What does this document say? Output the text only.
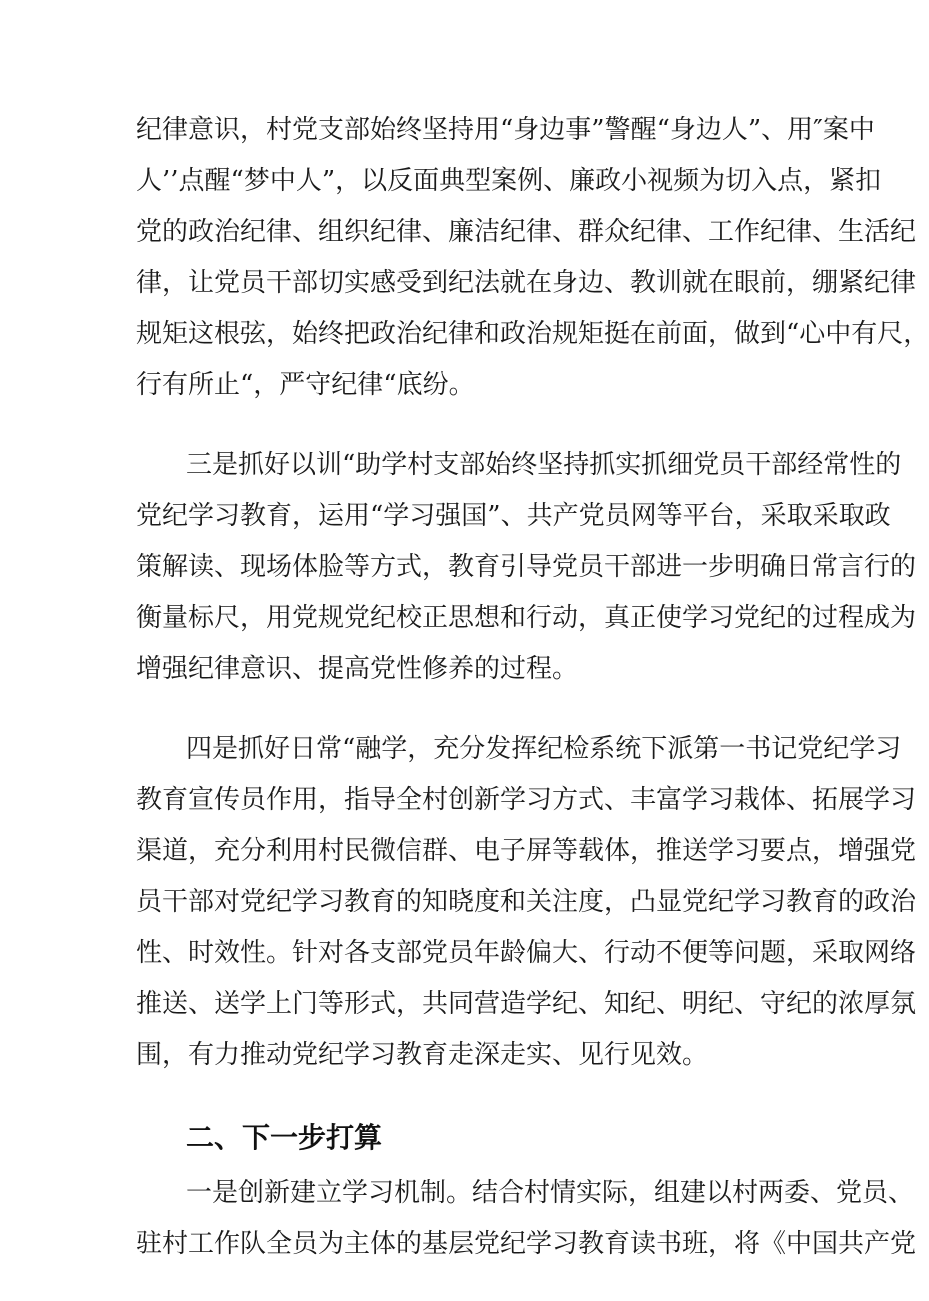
纪律意识，村党支部始终坚持用“身边事”警醒“身边人”、用″案中
人’’点醒“梦中人”，以反面典型案例、廉政小视频为切入点，紧扣
党的政治纪律、组织纪律、廉洁纪律、群众纪律、工作纪律、生活纪
律，让党员干部切实感受到纪法就在身边、教训就在眼前，绷紧纪律
规矩这根弦，始终把政治纪律和政治规矩挺在前面，做到“心中有尺，
行有所止“，严守纪律“底纷。
三是抓好以训“助学村支部始终坚持抓实抓细党员干部经常性的
党纪学习教育，运用“学习强国”、共产党员网等平台，采取采取政
策解读、现场体脸等方式，教育引导党员干部进一步明确日常言行的
衡量标尺，用党规党纪校正思想和行动，真正使学习党纪的过程成为
增强纪律意识、提高党性修养的过程。
四是抓好日常“融学，充分发挥纪检系统下派第一书记党纪学习
教育宣传员作用，指导全村创新学习方式、丰富学习栽体、拓展学习
渠道，充分利用村民微信群、电子屏等载体，推送学习要点，增强党
员干部对党纪学习教育的知晓度和关注度，凸显党纪学习教育的政治
性、时效性。针对各支部党员年龄偏大、行动不便等问题，采取网络
推送、送学上门等形式，共同营造学纪、知纪、明纪、守纪的浓厚氛
围，有力推动党纪学习教育走深走实、见行见效。
二、下一步打算
一是创新建立学习机制。结合村情实际，组建以村两委、党员、
驻村工作队全员为主体的基层党纪学习教育读书班，将《中国共产党
